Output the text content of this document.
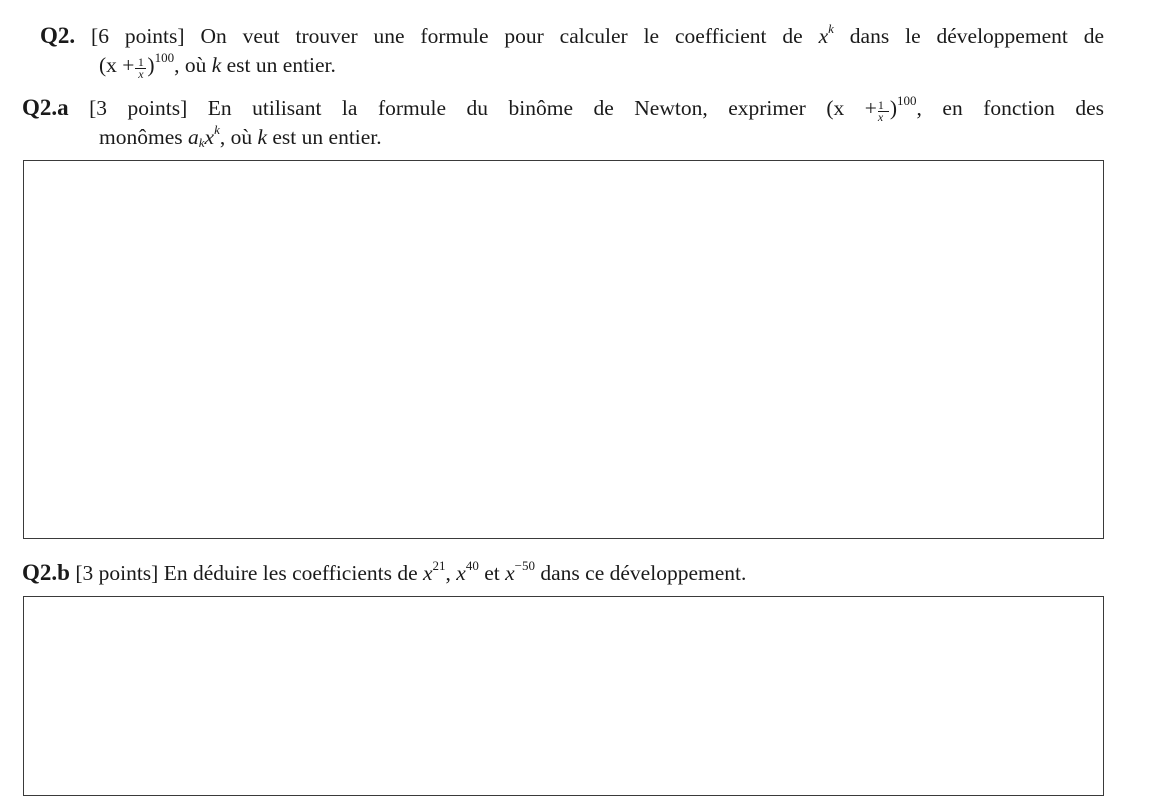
Q2. [6 points] On veut trouver une formule pour calculer le coefficient de $x^k$ dans le développement de
$(x + \frac{1}{x} )^{100}$, où k est un entier.
Q2.a [3 points] En utilisant la formule du binôme de Newton, exprimer $(x + \frac{1}{x} )^{100}$, en fonction des
monômes $a_kx^k$, où k est un entier.
Q2.b [3 points] En déduire les coefficients de $x^{21}$, $x^{40}$ et $x^{-50}$ dans ce développement.
